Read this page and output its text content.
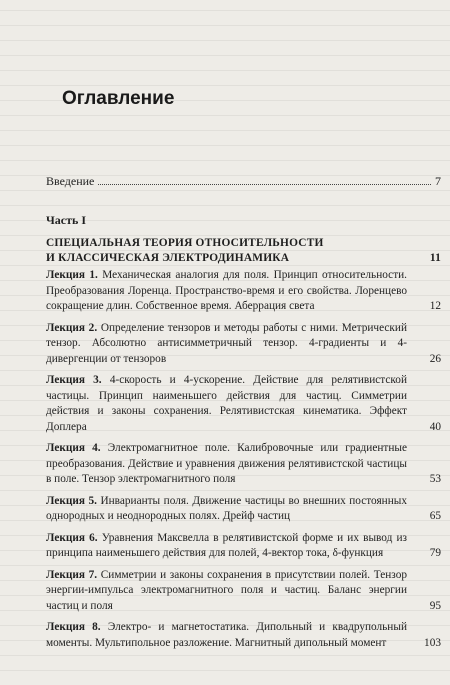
Оглавление
Введение	7
Часть I
СПЕЦИАЛЬНАЯ ТЕОРИЯ ОТНОСИТЕЛЬНОСТИ
И КЛАССИЧЕСКАЯ ЭЛЕКТРОДИНАМИКА	11
Лекция 1. Механическая аналогия для поля. Принцип относительности. Преобразования Лоренца. Пространство-время и его свойства. Лоренцево сокращение длин. Собственное время. Аберрация света	12
Лекция 2. Определение тензоров и методы работы с ними. Метрический тензор. Абсолютно антисимметричный тензор. 4-градиенты и 4-дивергенции от тензоров	26
Лекция 3. 4-скорость и 4-ускорение. Действие для релятивистской частицы. Принцип наименьшего действия для частиц. Симметрии действия и законы сохранения. Релятивистская кинематика. Эффект Доплера	40
Лекция 4. Электромагнитное поле. Калибровочные или градиентные преобразования. Действие и уравнения движения релятивистской частицы в поле. Тензор электромагнитного поля	53
Лекция 5. Инварианты поля. Движение частицы во внешних постоянных однородных и неоднородных полях. Дрейф частиц	65
Лекция 6. Уравнения Максвелла в релятивистской форме и их вывод из принципа наименьшего действия для полей, 4-вектор тока, δ-функция	79
Лекция 7. Симметрии и законы сохранения в присутствии полей. Тензор энергии-импульса электромагнитного поля и частиц. Баланс энергии частиц и поля	95
Лекция 8. Электро- и магнетостатика. Дипольный и квадрупольный моменты. Мультипольное разложение. Магнитный дипольный момент	103
